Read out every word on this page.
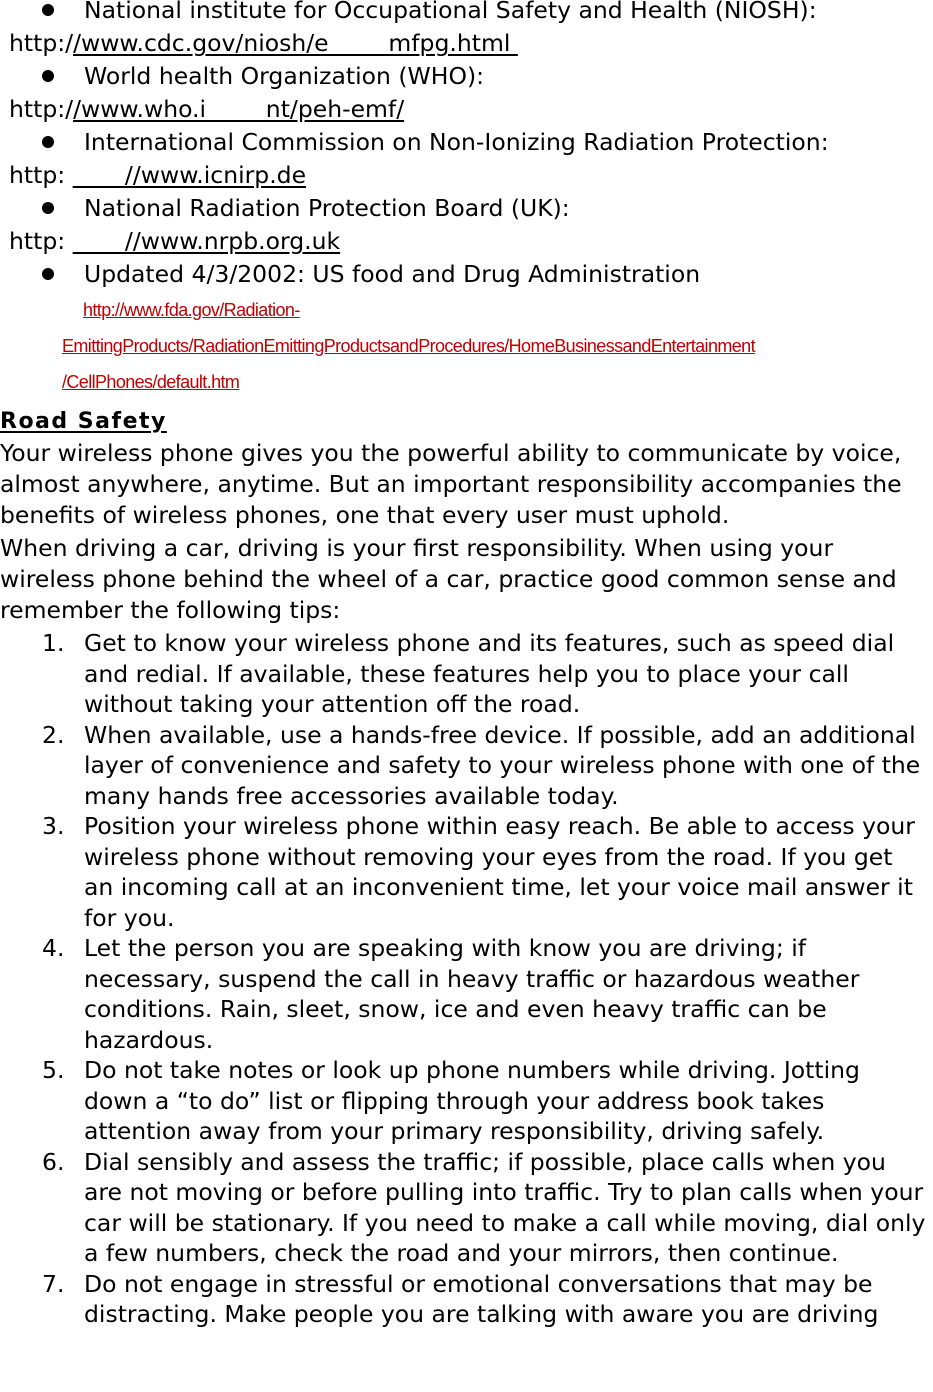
National institute for Occupational Safety and Health (NIOSH):
http://www.cdc.gov/niosh/e        mfpg.html
World health Organization (WHO):
http://www.who.i        nt/peh-emf/
International Commission on Non-Ionizing Radiation Protection:
http:        //www.icnirp.de
National Radiation Protection Board (UK):
http:        //www.nrpb.org.uk
Updated 4/3/2002: US food and Drug Administration
http://www.fda.gov/Radiation-
EmittingProducts/RadiationEmittingProductsandProcedures/HomeBusinessandEntertainment
/CellPhones/default.htm
Road Safety

Your wireless phone gives you the powerful ability to communicate by voice, almost anywhere, anytime. But an important responsibility accompanies the benefits of wireless phones, one that every user must uphold.

When driving a car, driving is your first responsibility. When using your wireless phone behind the wheel of a car, practice good common sense and remember the following tips:

1. Get to know your wireless phone and its features, such as speed dial and redial. If available, these features help you to place your call without taking your attention off the road.
2. When available, use a hands-free device. If possible, add an additional layer of convenience and safety to your wireless phone with one of the many hands free accessories available today.
3. Position your wireless phone within easy reach. Be able to access your wireless phone without removing your eyes from the road. If you get an incoming call at an inconvenient time, let your voice mail answer it for you.
4. Let the person you are speaking with know you are driving; if necessary, suspend the call in heavy traffic or hazardous weather conditions. Rain, sleet, snow, ice and even heavy traffic can be hazardous.
5. Do not take notes or look up phone numbers while driving. Jotting down a “to do” list or flipping through your address book takes attention away from your primary responsibility, driving safely.
6. Dial sensibly and assess the traffic; if possible, place calls when you are not moving or before pulling into traffic. Try to plan calls when your car will be stationary. If you need to make a call while moving, dial only a few numbers, check the road and your mirrors, then continue.
7. Do not engage in stressful or emotional conversations that may be distracting. Make people you are talking with aware you are driving
